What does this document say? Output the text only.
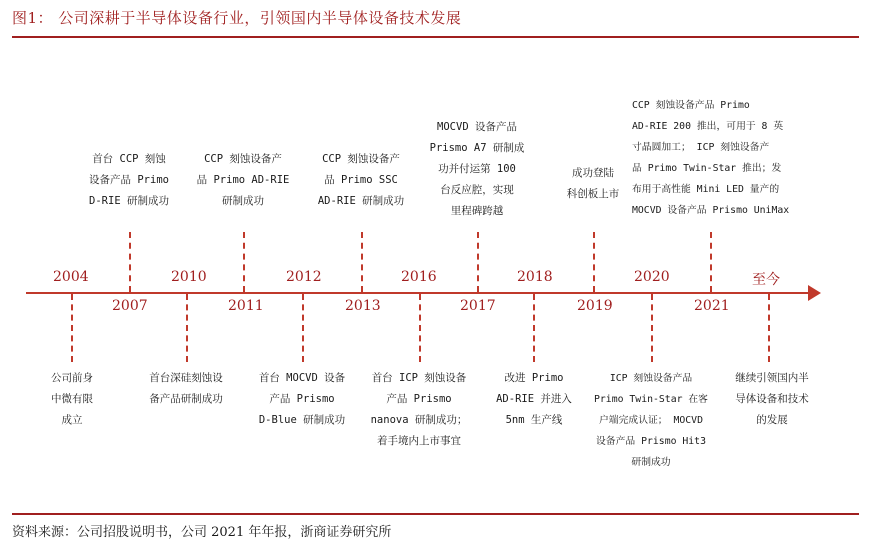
图1： 公司深耕于半导体设备行业，引领国内半导体设备技术发展
2004	2010	2012	2016	2018	2020	至今
2007	2011	2013	2017	2019	2021
首台 CCP 刻蚀
设备产品 Primo
D-RIE 研制成功
CCP 刻蚀设备产
品 Primo AD-RIE
研制成功
CCP 刻蚀设备产
品 Primo SSC
AD-RIE 研制成功
MOCVD 设备产品
Prismo A7 研制成
功并付运第 100
台反应腔，实现
里程碑跨越
成功登陆
科创板上市
CCP 刻蚀设备产品 Primo
AD-RIE 200 推出，可用于 8 英
寸晶圆加工； ICP 刻蚀设备产
品 Primo Twin-Star 推出；发
布用于高性能 Mini LED 量产的
MOCVD 设备产品 Prismo UniMax
公司前身
中微有限
成立
首台深硅刻蚀设
备产品研制成功
首台 MOCVD 设备
产品 Prismo
D-Blue 研制成功
首台 ICP 刻蚀设备
产品 Prismo
nanova 研制成功；
着手境内上市事宜
改进 Primo
AD-RIE 并进入
5nm 生产线
ICP 刻蚀设备产品
Primo Twin-Star 在客
户端完成认证； MOCVD
设备产品 Prismo Hit3
研制成功
继续引领国内半
导体设备和技术
的发展
资料来源：公司招股说明书，公司 2021 年年报，浙商证券研究所
